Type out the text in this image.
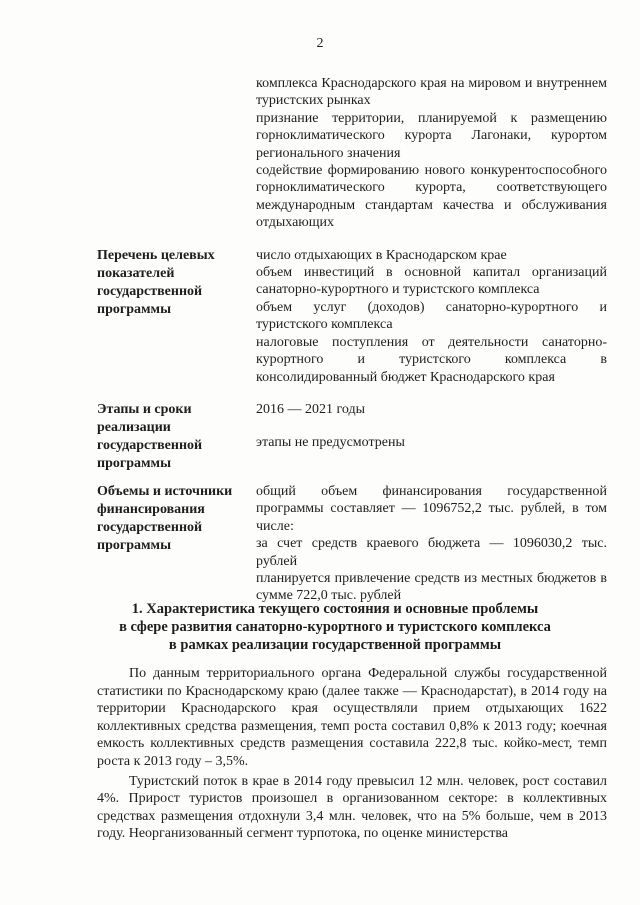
2

комплекса Краснодарского края на мировом и внутреннем туристских рынках

признание территории, планируемой к размещению горноклиматического курорта Лагонаки, курортом регионального значения

содействие формированию нового конкурентоспособного горноклиматического курорта, соответствующего международным стандартам качества и обслуживания отдыхающих

Перечень целевых показателей государственной программы

число отдыхающих в Краснодарском крае

объем инвестиций в основной капитал организаций санаторно-курортного и туристского комплекса

объем услуг (доходов) санаторно-курортного и туристского комплекса

налоговые поступления от деятельности санаторно-курортного и туристского комплекса в консолидированный бюджет Краснодарского края

Этапы и сроки реализации государственной программы

2016 — 2021 годы

этапы не предусмотрены

Объемы и источники финансирования государственной программы

общий объем финансирования государственной программы составляет — 1096752,2 тыс. рублей, в том числе:

за счет средств краевого бюджета — 1096030,2 тыс. рублей

планируется привлечение средств из местных бюджетов в сумме 722,0 тыс. рублей

1. Характеристика текущего состояния и основные проблемы
в сфере развития санаторно-курортного и туристского комплекса
в рамках реализации государственной программы

По данным территориального органа Федеральной службы государственной статистики по Краснодарскому краю (далее также — Краснодарстат), в 2014 году на территории Краснодарского края осуществляли прием отдыхающих 1622 коллективных средства размещения, темп роста составил 0,8% к 2013 году; коечная емкость коллективных средств размещения составила 222,8 тыс. койко-мест, темп роста к 2013 году – 3,5%.

Туристский поток в крае в 2014 году превысил 12 млн. человек, рост составил 4%. Прирост туристов произошел в организованном секторе: в коллективных средствах размещения отдохнули 3,4 млн. человек, что на 5% больше, чем в 2013 году. Неорганизованный сегмент турпотока, по оценке министерства
